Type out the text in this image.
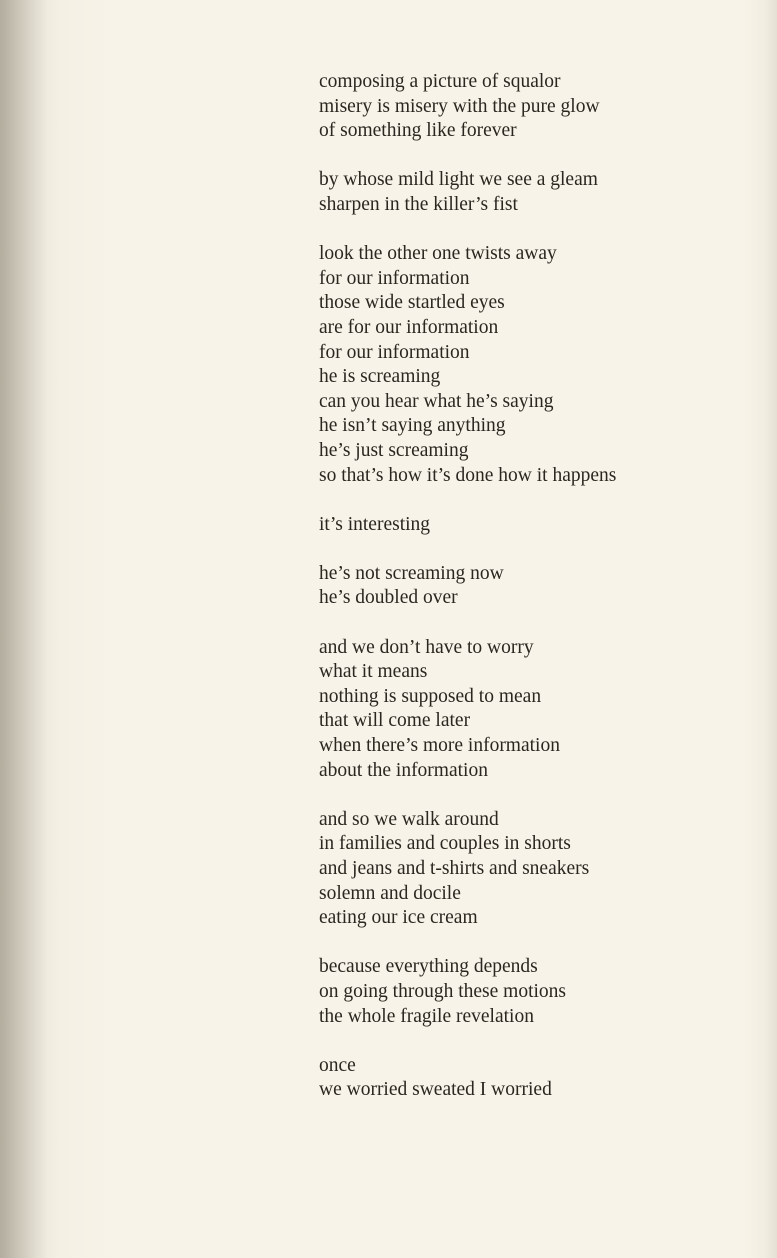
composing a picture of squalor
misery is misery with the pure glow
of something like forever
by whose mild light we see a gleam
sharpen in the killer’s fist
look the other one twists away
for our information
those wide startled eyes
are for our information
for our information
he is screaming
can you hear what he’s saying
he isn’t saying anything
he’s just screaming
so that’s how it’s done how it happens
it’s interesting
he’s not screaming now
he’s doubled over
and we don’t have to worry
what it means
nothing is supposed to mean
that will come later
when there’s more information
about the information
and so we walk around
in families and couples in shorts
and jeans and t-shirts and sneakers
solemn and docile
eating our ice cream
because everything depends
on going through these motions
the whole fragile revelation
once
we worried sweated I worried
